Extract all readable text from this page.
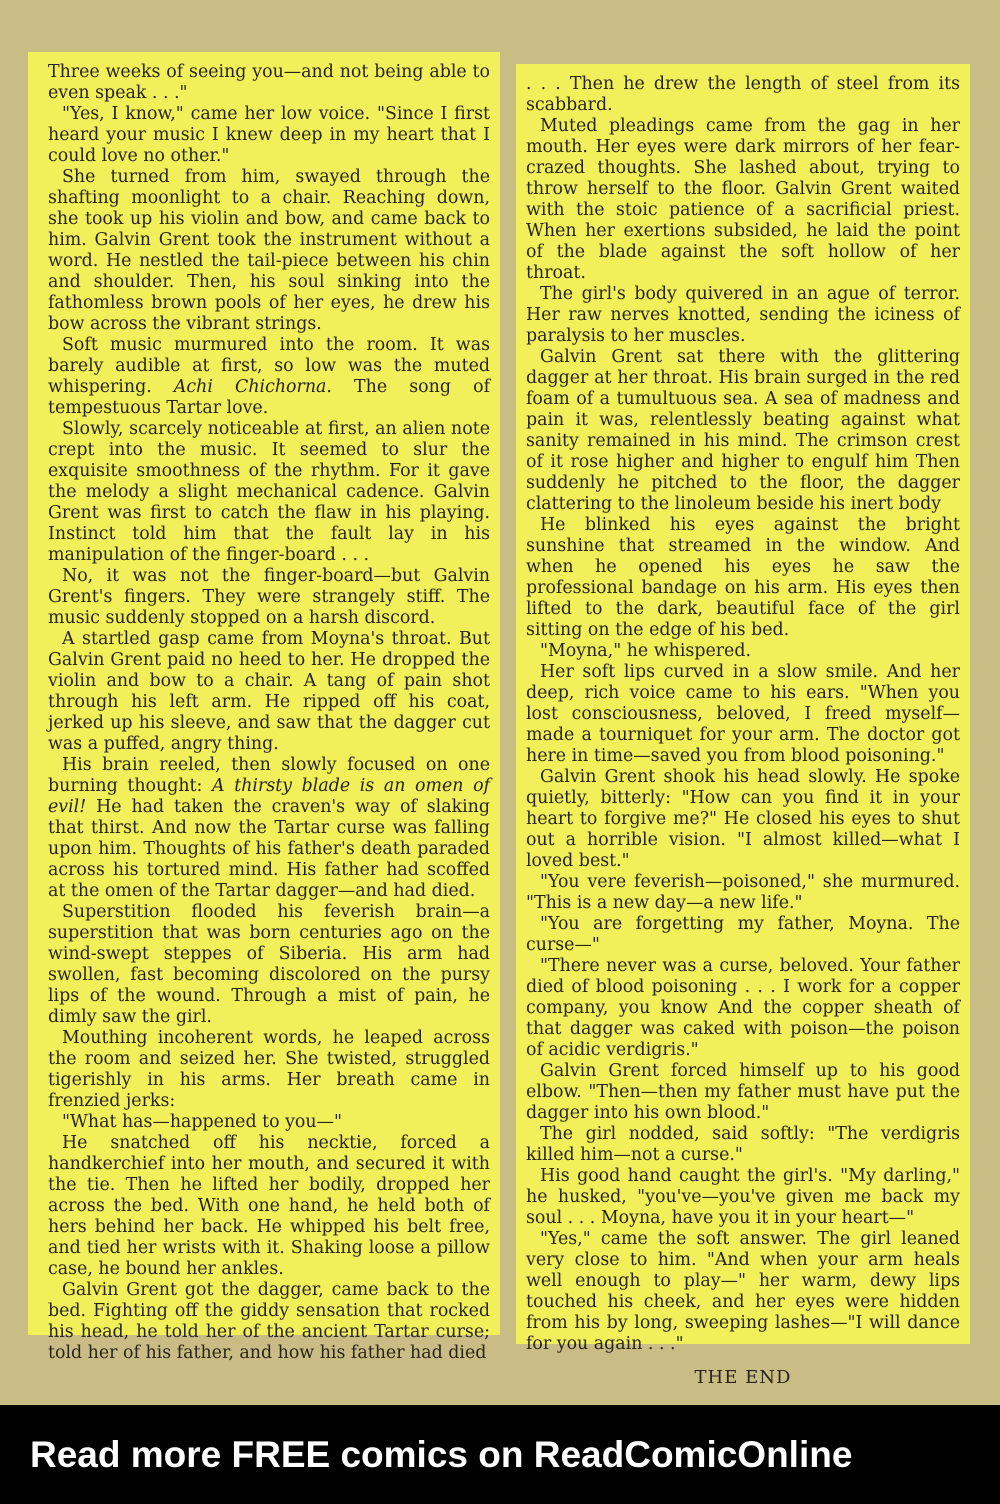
Three weeks of seeing you—and not being able to even speak . . ."

"Yes, I know," came her low voice. "Since I first heard your music I knew deep in my heart that I could love no other."

She turned from him, swayed through the shafting moonlight to a chair. Reaching down, she took up his violin and bow, and came back to him. Galvin Grent took the instrument without a word. He nestled the tail-piece between his chin and shoulder. Then, his soul sinking into the fathomless brown pools of her eyes, he drew his bow across the vibrant strings.

Soft music murmured into the room. It was barely audible at first, so low was the muted whispering. Achi Chichorna. The song of tempestuous Tartar love.

Slowly, scarcely noticeable at first, an alien note crept into the music. It seemed to slur the exquisite smoothness of the rhythm. For it gave the melody a slight mechanical cadence. Galvin Grent was first to catch the flaw in his playing. Instinct told him that the fault lay in his manipulation of the finger-board . . .

No, it was not the finger-board—but Galvin Grent's fingers. They were strangely stiff. The music suddenly stopped on a harsh discord.

A startled gasp came from Moyna's throat. But Galvin Grent paid no heed to her. He dropped the violin and bow to a chair. A tang of pain shot through his left arm. He ripped off his coat, jerked up his sleeve, and saw that the dagger cut was a puffed, angry thing.

His brain reeled, then slowly focused on one burning thought: A thirsty blade is an omen of evil! He had taken the craven's way of slaking that thirst. And now the Tartar curse was falling upon him. Thoughts of his father's death paraded across his tortured mind. His father had scoffed at the omen of the Tartar dagger—and had died.

Superstition flooded his feverish brain—a superstition that was born centuries ago on the wind-swept steppes of Siberia. His arm had swollen, fast becoming discolored on the pursy lips of the wound. Through a mist of pain, he dimly saw the girl.

Mouthing incoherent words, he leaped across the room and seized her. She twisted, struggled tigerishly in his arms. Her breath came in frenzied jerks:

"What has—happened to you—"

He snatched off his necktie, forced a handkerchief into her mouth, and secured it with the tie. Then he lifted her bodily, dropped her across the bed. With one hand, he held both of hers behind her back. He whipped his belt free, and tied her wrists with it. Shaking loose a pillow case, he bound her ankles.

Galvin Grent got the dagger, came back to the bed. Fighting off the giddy sensation that rocked his head, he told her of the ancient Tartar curse; told her of his father, and how his father had died

. . . Then he drew the length of steel from its scabbard.

Muted pleadings came from the gag in her mouth. Her eyes were dark mirrors of her fear-crazed thoughts. She lashed about, trying to throw herself to the floor. Galvin Grent waited with the stoic patience of a sacrificial priest. When her exertions subsided, he laid the point of the blade against the soft hollow of her throat.

The girl's body quivered in an ague of terror. Her raw nerves knotted, sending the iciness of paralysis to her muscles.

Galvin Grent sat there with the glittering dagger at her throat. His brain surged in the red foam of a tumultuous sea. A sea of madness and pain it was, relentlessly beating against what sanity remained in his mind. The crimson crest of it rose higher and higher to engulf him Then suddenly he pitched to the floor, the dagger clattering to the linoleum beside his inert body

He blinked his eyes against the bright sunshine that streamed in the window. And when he opened his eyes he saw the professional bandage on his arm. His eyes then lifted to the dark, beautiful face of the girl sitting on the edge of his bed.

"Moyna," he whispered.

Her soft lips curved in a slow smile. And her deep, rich voice came to his ears. "When you lost consciousness, beloved, I freed myself—made a tourniquet for your arm. The doctor got here in time—saved you from blood poisoning."

Galvin Grent shook his head slowly. He spoke quietly, bitterly: "How can you find it in your heart to forgive me?" He closed his eyes to shut out a horrible vision. "I almost killed—what I loved best."

"You vere feverish—poisoned," she murmured. "This is a new day—a new life."

"You are forgetting my father, Moyna. The curse—"

"There never was a curse, beloved. Your father died of blood poisoning . . . I work for a copper company, you know And the copper sheath of that dagger was caked with poison—the poison of acidic verdigris."

Galvin Grent forced himself up to his good elbow. "Then—then my father must have put the dagger into his own blood."

The girl nodded, said softly: "The verdigris killed him—not a curse."

His good hand caught the girl's. "My darling," he husked, "you've—you've given me back my soul . . . Moyna, have you it in your heart—"

"Yes," came the soft answer. The girl leaned very close to him. "And when your arm heals well enough to play—" her warm, dewy lips touched his cheek, and her eyes were hidden from his by long, sweeping lashes—"I will dance for you again . . ."

THE END

Read more FREE comics on ReadComicOnline
